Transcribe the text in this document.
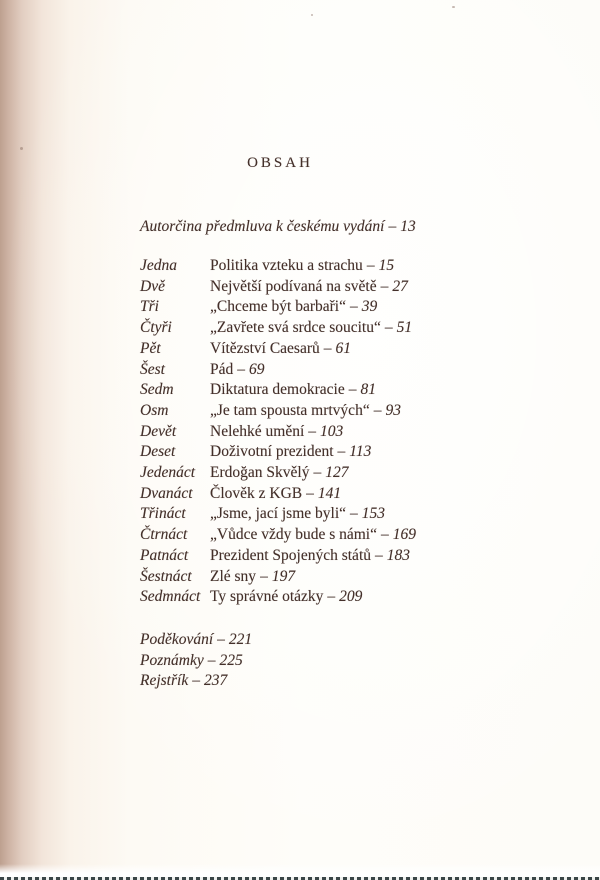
OBSAH
Autorčina předmluva k českému vydání – 13
Jedna	Politika vzteku a strachu – 15
Dvě	Největší podívaná na světě – 27
Tři	„Chceme být barbaři“ – 39
Čtyři	„Zavřete svá srdce soucitu“ – 51
Pět	Vítězství Caesarů – 61
Šest	Pád – 69
Sedm	Diktatura demokracie – 81
Osm	„Je tam spousta mrtvých“ – 93
Devět	Nelehké umění – 103
Deset	Doživotní prezident – 113
Jedenáct Erdoğan Skvělý – 127
Dvanáct	Člověk z KGB – 141
Třináct	„Jsme, jací jsme byli“ – 153
Čtrnáct	„Vůdce vždy bude s námi“ – 169
Patnáct	Prezident Spojených států – 183
Šestnáct	Zlé sny – 197
Sedmnáct Ty správné otázky – 209
Poděkování – 221
Poznámky – 225
Rejstřík – 237
